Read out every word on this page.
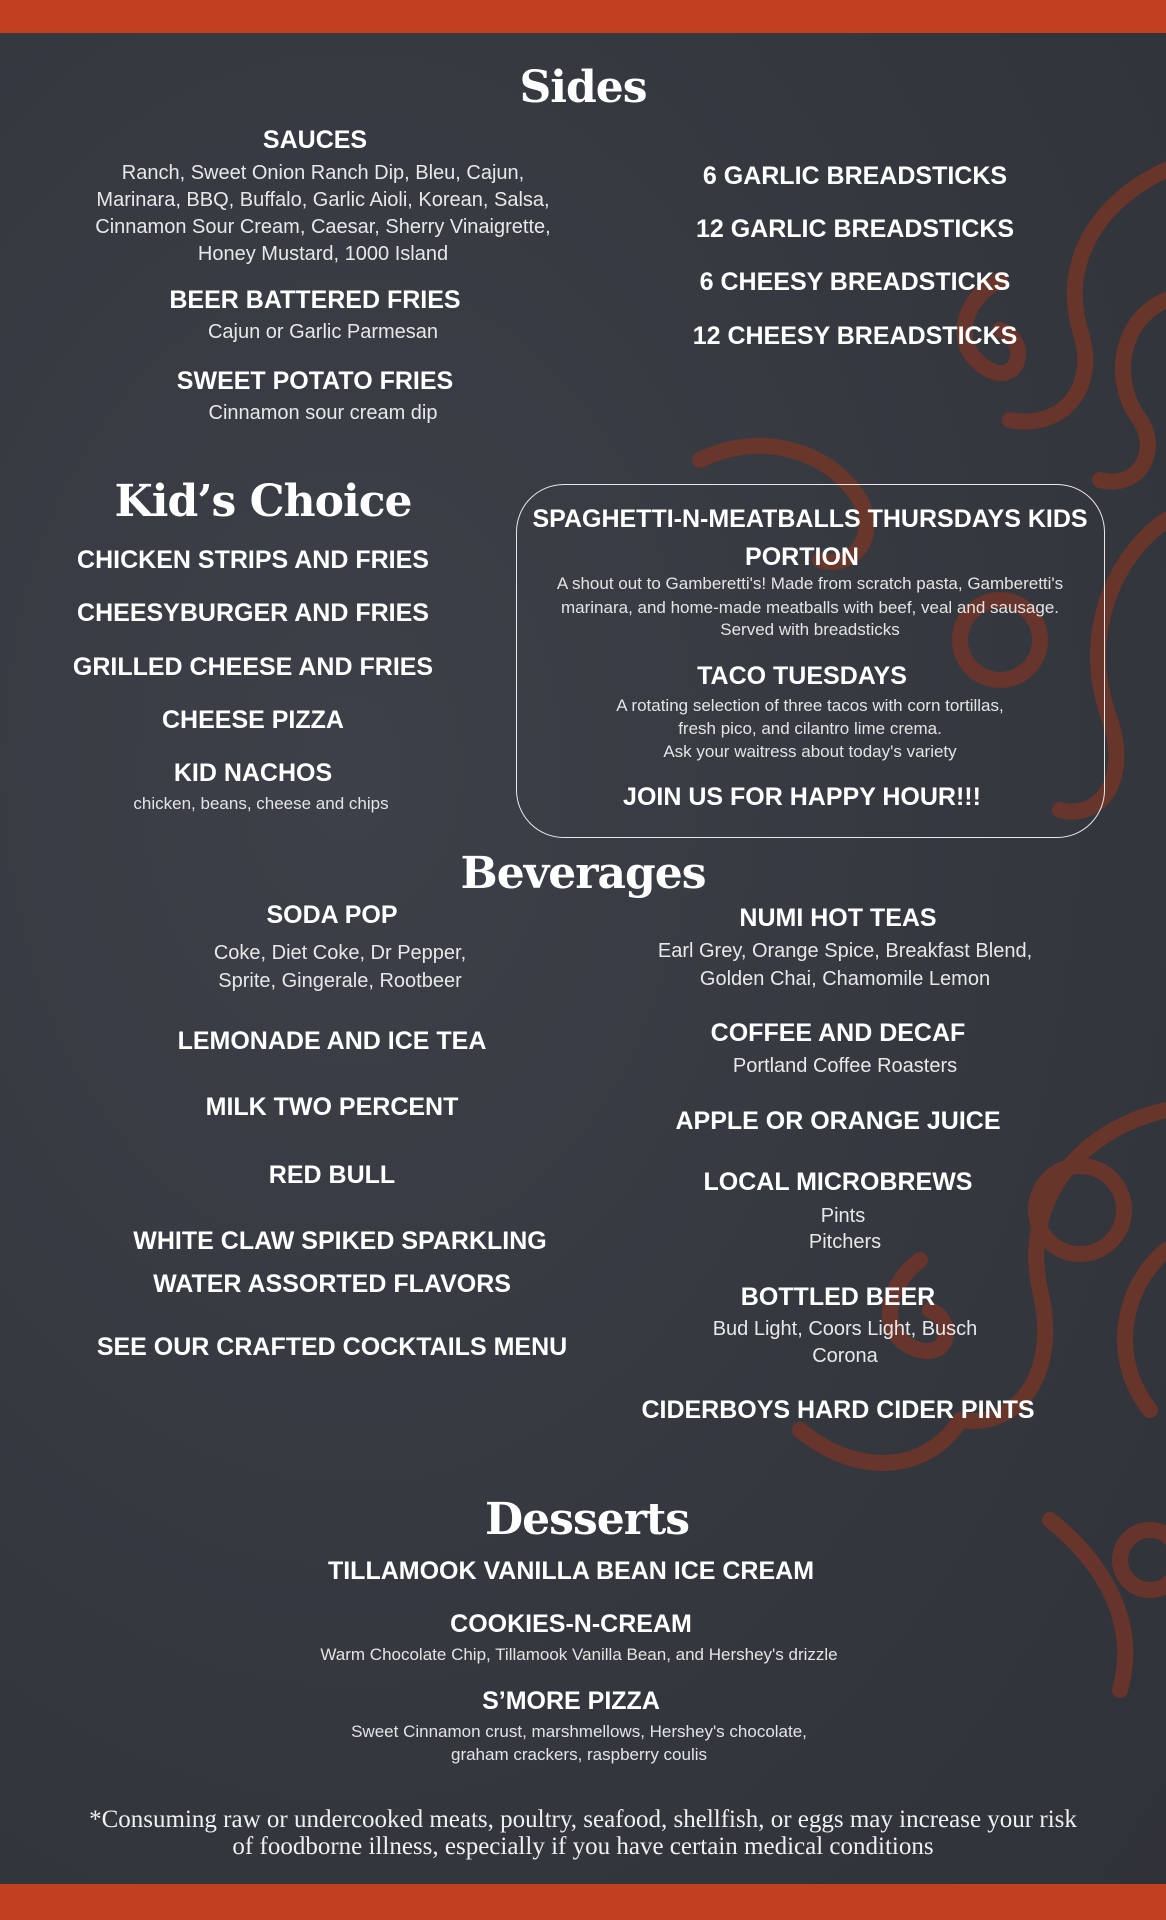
Sides
SAUCES
Ranch, Sweet Onion Ranch Dip, Bleu, Cajun,
Marinara, BBQ, Buffalo, Garlic Aioli, Korean, Salsa,
Cinnamon Sour Cream, Caesar, Sherry Vinaigrette,
Honey Mustard, 1000 Island
BEER BATTERED FRIES
Cajun or Garlic Parmesan
SWEET POTATO FRIES
Cinnamon sour cream dip
6 GARLIC BREADSTICKS
12 GARLIC BREADSTICKS
6 CHEESY BREADSTICKS
12 CHEESY BREADSTICKS
Kid’s Choice
CHICKEN STRIPS AND FRIES
CHEESYBURGER AND FRIES
GRILLED CHEESE AND FRIES
CHEESE PIZZA
KID NACHOS
chicken, beans, cheese and chips
SPAGHETTI-N-MEATBALLS THURSDAYS KIDS
PORTION
A shout out to Gamberetti's! Made from scratch pasta, Gamberetti's
marinara, and home-made meatballs with beef, veal and sausage.
Served with breadsticks
TACO TUESDAYS
A rotating selection of three tacos with corn tortillas,
fresh pico, and cilantro lime crema.
Ask your waitress about today's variety
JOIN US FOR HAPPY HOUR!!!
Beverages
SODA POP
Coke, Diet Coke, Dr Pepper,
Sprite, Gingerale, Rootbeer
LEMONADE AND ICE TEA
MILK TWO PERCENT
RED BULL
WHITE CLAW SPIKED SPARKLING
WATER ASSORTED FLAVORS
SEE OUR CRAFTED COCKTAILS MENU
NUMI HOT TEAS
Earl Grey, Orange Spice, Breakfast Blend,
Golden Chai, Chamomile Lemon
COFFEE AND DECAF
Portland Coffee Roasters
APPLE OR ORANGE JUICE
LOCAL MICROBREWS
Pints
Pitchers
BOTTLED BEER
Bud Light, Coors Light, Busch
Corona
CIDERBOYS HARD CIDER PINTS
Desserts
TILLAMOOK VANILLA BEAN ICE CREAM
COOKIES-N-CREAM
Warm Chocolate Chip, Tillamook Vanilla Bean, and Hershey's drizzle
S’MORE PIZZA
Sweet Cinnamon crust, marshmellows, Hershey's chocolate,
graham crackers, raspberry coulis
*Consuming raw or undercooked meats, poultry, seafood, shellfish, or eggs may increase your risk
of foodborne illness, especially if you have certain medical conditions
